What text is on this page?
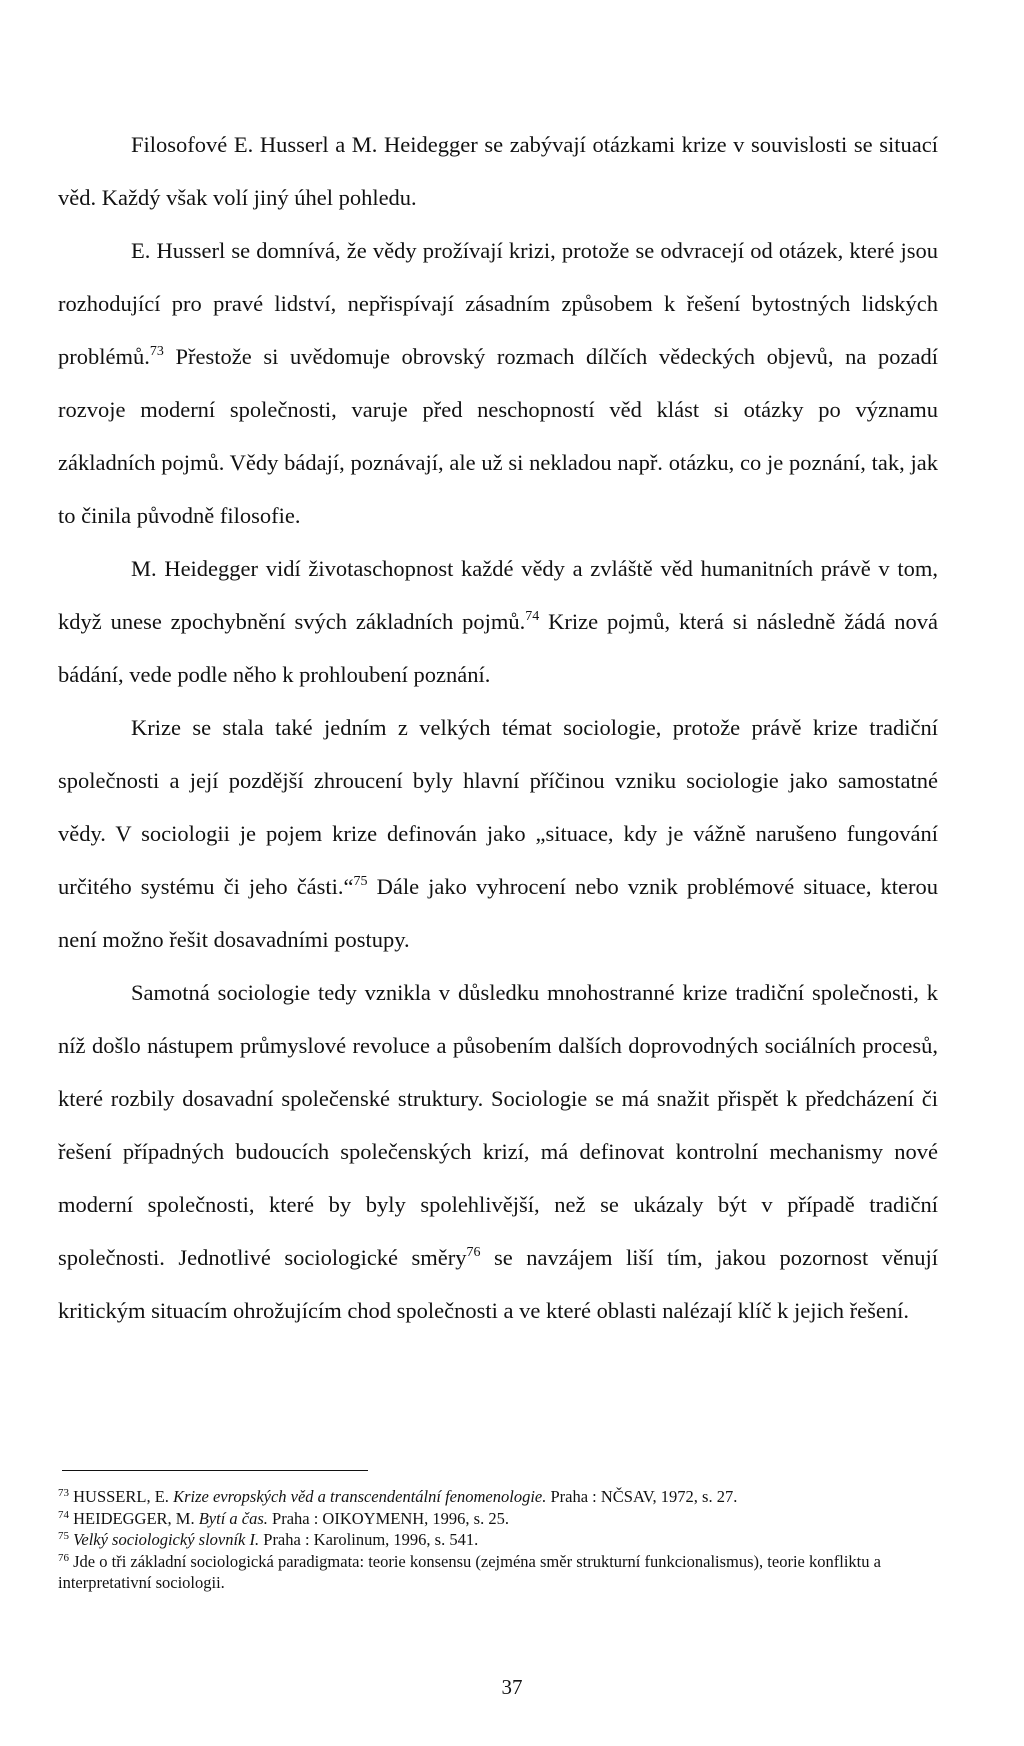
Filosofové E. Husserl a M. Heidegger se zabývají otázkami krize v souvislosti se situací věd. Každý však volí jiný úhel pohledu.

E. Husserl se domnívá, že vědy prožívají krizi, protože se odvracejí od otázek, které jsou rozhodující pro pravé lidství, nepřispívají zásadním způsobem k řešení bytostných lidských problémů.$^{73}$ Přestože si uvědomuje obrovský rozmach dílčích vědeckých objevů, na pozadí rozvoje moderní společnosti, varuje před neschopností věd klást si otázky po významu základních pojmů. Vědy bádají, poznávají, ale už si nekladou např. otázku, co je poznání, tak, jak to činila původně filosofie.

M. Heidegger vidí životaschopnost každé vědy a zvláště věd humanitních právě v tom, když unese zpochybnění svých základních pojmů.$^{74}$ Krize pojmů, která si následně žádá nová bádání, vede podle něho k prohloubení poznání.

Krize se stala také jedním z velkých témat sociologie, protože právě krize tradiční společnosti a její pozdější zhroucení byly hlavní příčinou vzniku sociologie jako samostatné vědy. V sociologii je pojem krize definován jako „situace, kdy je vážně narušeno fungování určitého systému či jeho části.“$^{75}$ Dále jako vyhrocení nebo vznik problémové situace, kterou není možno řešit dosavadními postupy.

Samotná sociologie tedy vznikla v důsledku mnohostranné krize tradiční společnosti, k níž došlo nástupem průmyslové revoluce a působením dalších doprovodných sociálních procesů, které rozbily dosavadní společenské struktury. Sociologie se má snažit přispět k předcházení či řešení případných budoucích společenských krizí, má definovat kontrolní mechanismy nové moderní společnosti, které by byly spolehlivější, než se ukázaly být v případě tradiční společnosti. Jednotlivé sociologické směry$^{76}$ se navzájem liší tím, jakou pozornost věnují kritickým situacím ohrožujícím chod společnosti a ve které oblasti nalézají klíč k jejich řešení.

$^{73}$ HUSSERL, E. Krize evropských věd a transcendentální fenomenologie. Praha : NČSAV, 1972, s. 27.

$^{74}$ HEIDEGGER, M. Bytí a čas. Praha : OIKOYMENH, 1996, s. 25.

$^{75}$ Velký sociologický slovník I. Praha : Karolinum, 1996, s. 541.

$^{76}$ Jde o tři základní sociologická paradigmata: teorie konsensu (zejména směr strukturní funkcionalismus), teorie konfliktu a interpretativní sociologii.

37
